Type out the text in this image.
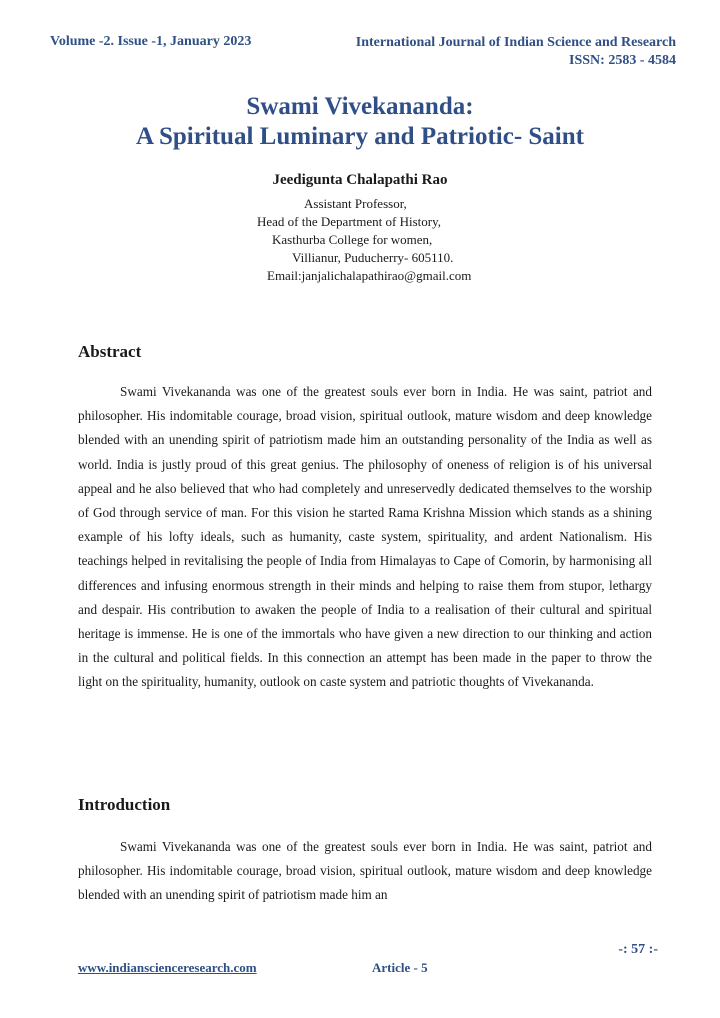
Volume -2. Issue -1, January 2023	International Journal of Indian Science and Research
ISSN: 2583 - 4584
Swami Vivekananda:
A Spiritual Luminary and Patriotic- Saint
Jeedigunta Chalapathi Rao
Assistant Professor,
Head of the Department of History,
Kasthurba College for women,
Villianur, Puducherry- 605110.
Email:janjalichalapathirao@gmail.com
Abstract

Swami Vivekananda was one of the greatest souls ever born in India. He was saint, patriot and philosopher. His indomitable courage, broad vision, spiritual outlook, mature wisdom and deep knowledge blended with an unending spirit of patriotism made him an outstanding personality of the India as well as world. India is justly proud of this great genius. The philosophy of oneness of religion is of his universal appeal and he also believed that who had completely and unreservedly dedicated themselves to the worship of God through service of man. For this vision he started Rama Krishna Mission which stands as a shining example of his lofty ideals, such as humanity, caste system, spirituality, and ardent Nationalism. His teachings helped in revitalising the people of India from Himalayas to Cape of Comorin, by harmonising all differences and infusing enormous strength in their minds and helping to raise them from stupor, lethargy and despair. His contribution to awaken the people of India to a realisation of their cultural and spiritual heritage is immense. He is one of the immortals who have given a new direction to our thinking and action in the cultural and political fields. In this connection an attempt has been made in the paper to throw the light on the spirituality, humanity, outlook on caste system and patriotic thoughts of Vivekananda.

Introduction

Swami Vivekananda was one of the greatest souls ever born in India. He was saint, patriot and philosopher. His indomitable courage, broad vision, spiritual outlook, mature wisdom and deep knowledge blended with an unending spirit of patriotism made him an

-: 57 :-
www.indianscienceresearch.com	Article - 5
